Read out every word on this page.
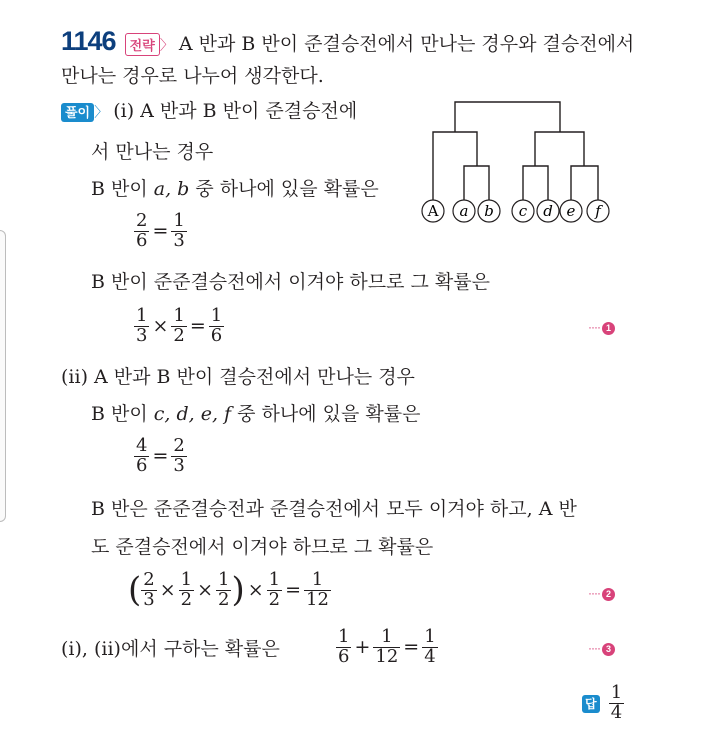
1146 전략 〉 A 반과 B 반이 준결승전에서 만나는 경우와 결승전에서
만나는 경우로 나누어 생각한다.
풀이 〉 (i) A 반과 B 반이 준결승전에
서 만나는 경우
B 반이 a, b 중 하나에 있을 확률은
$\frac{2}{6} = \frac{1}{3}$
B 반이 준준결승전에서 이겨야 하므로 그 확률은
$\frac{1}{3} \times \frac{1}{2} = \frac{1}{6}$	···· 1
(ii) A 반과 B 반이 결승전에서 만나는 경우
B 반이 c, d, e, f 중 하나에 있을 확률은
$\frac{4}{6} = \frac{2}{3}$
B 반은 준준결승전과 준결승전에서 모두 이겨야 하고, A 반
도 준결승전에서 이겨야 하므로 그 확률은
( $\frac{2}{3} \times \frac{1}{2} \times \frac{1}{2}$ ) × $\frac{1}{2} = \frac{1}{12}$	···· 2
(i), (ii)에서 구하는 확률은	$\frac{1}{6} + \frac{1}{12} = \frac{1}{4}$	···· 3
답 $\frac{1}{4}$
A a b c d e f
